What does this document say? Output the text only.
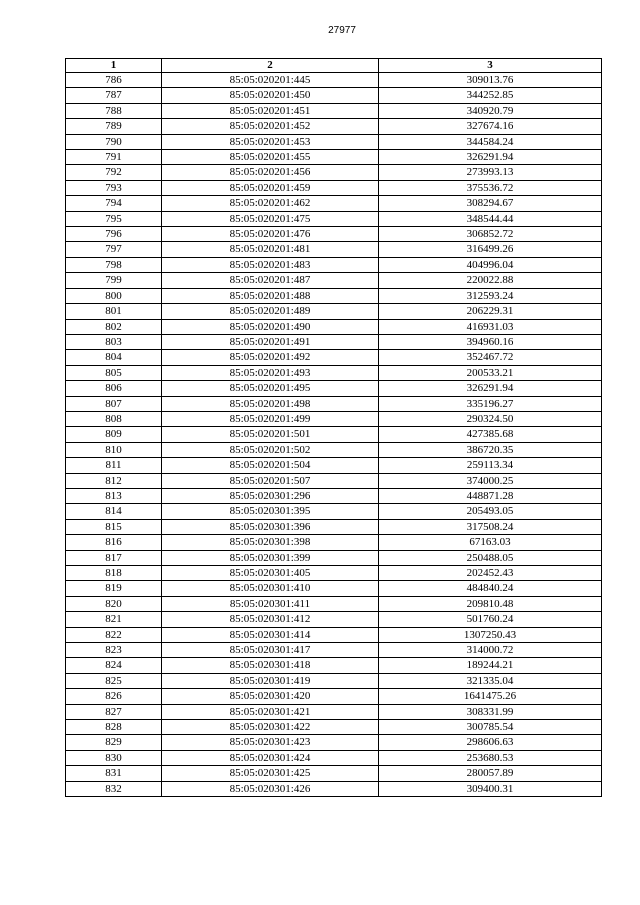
27977
1	2	3
786	85:05:020201:445	309013.76
787	85:05:020201:450	344252.85
788	85:05:020201:451	340920.79
789	85:05:020201:452	327674.16
790	85:05:020201:453	344584.24
791	85:05:020201:455	326291.94
792	85:05:020201:456	273993.13
793	85:05:020201:459	375536.72
794	85:05:020201:462	308294.67
795	85:05:020201:475	348544.44
796	85:05:020201:476	306852.72
797	85:05:020201:481	316499.26
798	85:05:020201:483	404996.04
799	85:05:020201:487	220022.88
800	85:05:020201:488	312593.24
801	85:05:020201:489	206229.31
802	85:05:020201:490	416931.03
803	85:05:020201:491	394960.16
804	85:05:020201:492	352467.72
805	85:05:020201:493	200533.21
806	85:05:020201:495	326291.94
807	85:05:020201:498	335196.27
808	85:05:020201:499	290324.50
809	85:05:020201:501	427385.68
810	85:05:020201:502	386720.35
811	85:05:020201:504	259113.34
812	85:05:020201:507	374000.25
813	85:05:020301:296	448871.28
814	85:05:020301:395	205493.05
815	85:05:020301:396	317508.24
816	85:05:020301:398	67163.03
817	85:05:020301:399	250488.05
818	85:05:020301:405	202452.43
819	85:05:020301:410	484840.24
820	85:05:020301:411	209810.48
821	85:05:020301:412	501760.24
822	85:05:020301:414	1307250.43
823	85:05:020301:417	314000.72
824	85:05:020301:418	189244.21
825	85:05:020301:419	321335.04
826	85:05:020301:420	1641475.26
827	85:05:020301:421	308331.99
828	85:05:020301:422	300785.54
829	85:05:020301:423	298606.63
830	85:05:020301:424	253680.53
831	85:05:020301:425	280057.89
832	85:05:020301:426	309400.31
